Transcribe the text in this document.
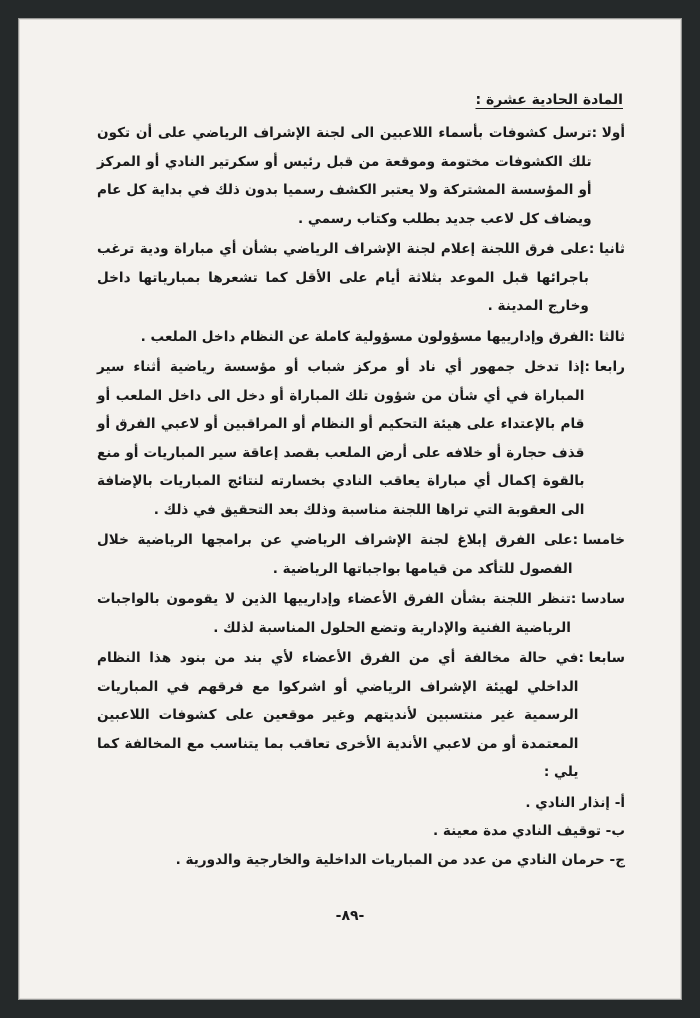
المادة الحادية عشرة :
أولا :
ترسل كشوفات بأسماء اللاعبين الى لجنة الإشراف الرياضي على أن تكون تلك الكشوفات مختومة وموقعة من قبل رئيس أو سكرتير النادي أو المركز أو المؤسسة المشتركة ولا يعتبر الكشف رسميا بدون ذلك في بداية كل عام ويضاف كل لاعب جديد بطلب وكتاب رسمي .
ثانيا :
على فرق اللجنة إعلام لجنة الإشراف الرياضي بشأن أي مباراة ودية ترغب باجرائها قبل الموعد بثلاثة أيام على الأقل كما تشعرها بمبارياتها داخل وخارج المدينة .
ثالثا :
الفرق وإدارييها مسؤولون مسؤولية كاملة عن النظام داخل الملعب .
رابعا :
إذا تدخل جمهور أي ناد أو مركز شباب أو مؤسسة رياضية أثناء سير المباراة في أي شأن من شؤون تلك المباراة أو دخل الى داخل الملعب أو قام بالإعتداء على هيئة التحكيم أو النظام أو المراقبين أو لاعبي الفرق أو قذف حجارة أو خلافه على أرض الملعب بقصد إعاقة سير المباريات أو منع بالقوة إكمال أي مباراة يعاقب النادي بخسارته لنتائج المباريات بالإضافة الى العقوبة التي تراها اللجنة مناسبة وذلك بعد التحقيق في ذلك .
خامسا :
على الفرق إبلاغ لجنة الإشراف الرياضي عن برامجها الرياضية خلال الفصول للتأكد من قيامها بواجباتها الرياضية .
سادسا :
تنظر اللجنة بشأن الفرق الأعضاء وإدارييها الذين لا يقومون بالواجبات الرياضية الفنية والإدارية وتضع الحلول المناسبة لذلك .
سابعا :
في حالة مخالفة أي من الفرق الأعضاء لأي بند من بنود هذا النظام الداخلي لهيئة الإشراف الرياضي أو اشركوا مع فرقهم في المباريات الرسمية غير منتسبين لأنديتهم وغير موقعين على كشوفات اللاعبين المعتمدة أو من لاعبي الأندية الأخرى تعاقب بما يتناسب مع المخالفة كما يلي :
أ- إنذار النادي .
ب- توقيف النادي مدة معينة .
ج- حرمان النادي من عدد من المباريات الداخلية والخارجية والدورية .
-٨٩-
